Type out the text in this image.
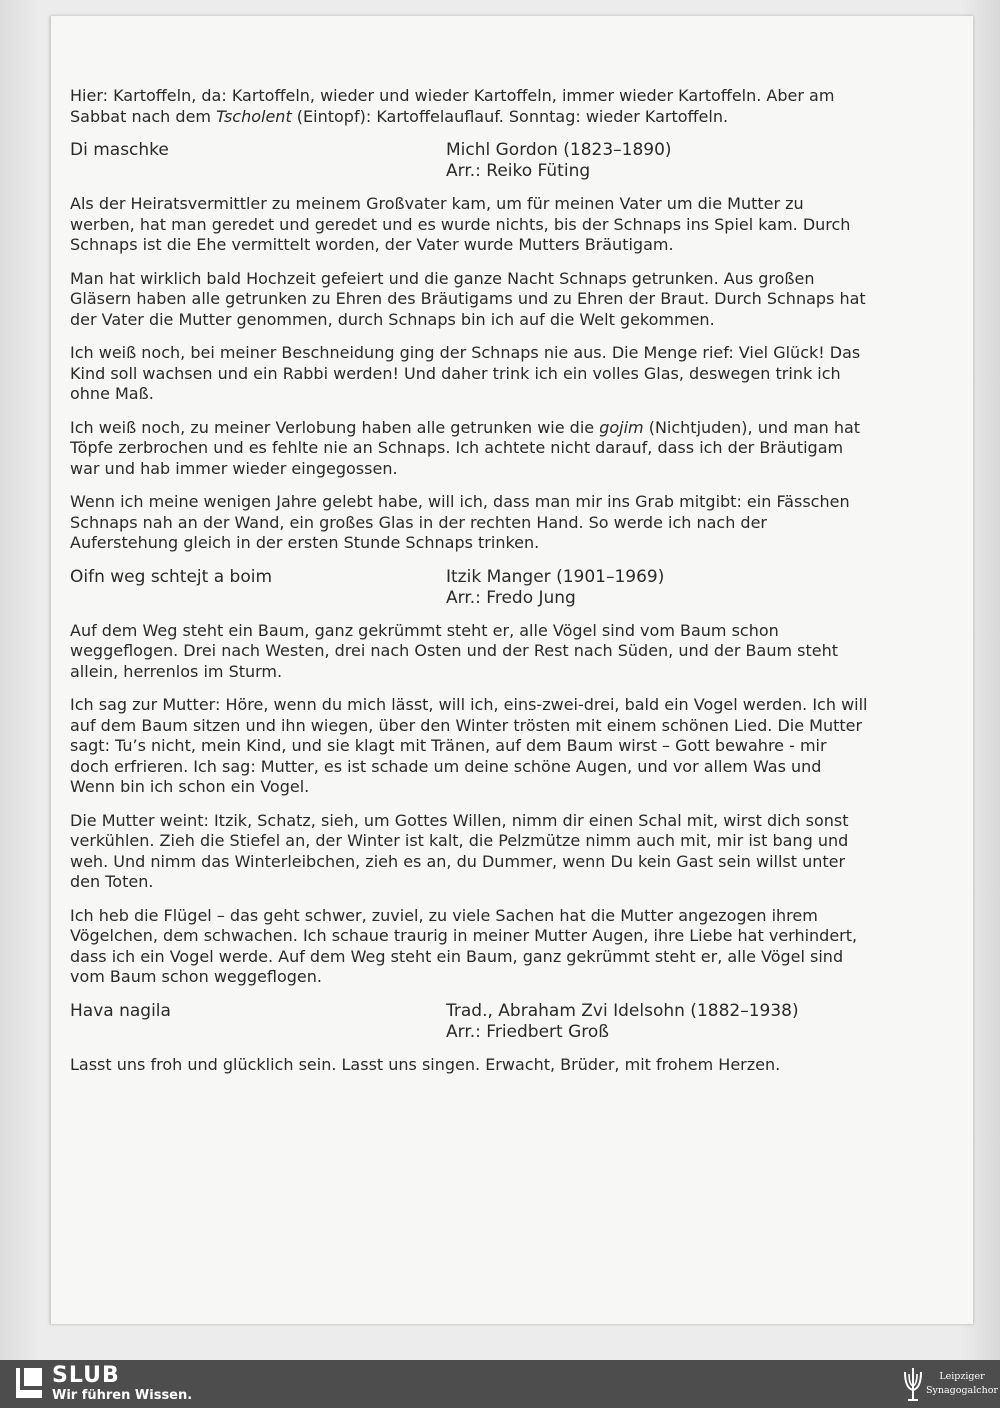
Hier: Kartoffeln, da: Kartoffeln, wieder und wieder Kartoffeln, immer wieder Kartoffeln. Aber am Sabbat nach dem Tscholent (Eintopf): Kartoffelauflauf. Sonntag: wieder Kartoffeln.

Di maschke	Michl Gordon (1823–1890)
Arr.: Reiko Füting

Als der Heiratsvermittler zu meinem Großvater kam, um für meinen Vater um die Mutter zu werben, hat man geredet und geredet und es wurde nichts, bis der Schnaps ins Spiel kam. Durch Schnaps ist die Ehe vermittelt worden, der Vater wurde Mutters Bräutigam.

Man hat wirklich bald Hochzeit gefeiert und die ganze Nacht Schnaps getrunken. Aus großen Gläsern haben alle getrunken zu Ehren des Bräutigams und zu Ehren der Braut. Durch Schnaps hat der Vater die Mutter genommen, durch Schnaps bin ich auf die Welt gekommen.

Ich weiß noch, bei meiner Beschneidung ging der Schnaps nie aus. Die Menge rief: Viel Glück! Das Kind soll wachsen und ein Rabbi werden! Und daher trink ich ein volles Glas, deswegen trink ich ohne Maß.

Ich weiß noch, zu meiner Verlobung haben alle getrunken wie die gojim (Nichtjuden), und man hat Töpfe zerbrochen und es fehlte nie an Schnaps. Ich achtete nicht darauf, dass ich der Bräutigam war und hab immer wieder eingegossen.

Wenn ich meine wenigen Jahre gelebt habe, will ich, dass man mir ins Grab mitgibt: ein Fässchen Schnaps nah an der Wand, ein großes Glas in der rechten Hand. So werde ich nach der Auferstehung gleich in der ersten Stunde Schnaps trinken.

Oifn weg schtejt a boim	Itzik Manger (1901–1969)
Arr.: Fredo Jung

Auf dem Weg steht ein Baum, ganz gekrümmt steht er, alle Vögel sind vom Baum schon weggeflogen. Drei nach Westen, drei nach Osten und der Rest nach Süden, und der Baum steht allein, herrenlos im Sturm.

Ich sag zur Mutter: Höre, wenn du mich lässt, will ich, eins-zwei-drei, bald ein Vogel werden. Ich will auf dem Baum sitzen und ihn wiegen, über den Winter trösten mit einem schönen Lied. Die Mutter sagt: Tu’s nicht, mein Kind, und sie klagt mit Tränen, auf dem Baum wirst – Gott bewahre - mir doch erfrieren. Ich sag: Mutter, es ist schade um deine schöne Augen, und vor allem Was und Wenn bin ich schon ein Vogel.

Die Mutter weint: Itzik, Schatz, sieh, um Gottes Willen, nimm dir einen Schal mit, wirst dich sonst verkühlen. Zieh die Stiefel an, der Winter ist kalt, die Pelzmütze nimm auch mit, mir ist bang und weh. Und nimm das Winterleibchen, zieh es an, du Dummer, wenn Du kein Gast sein willst unter den Toten.

Ich heb die Flügel – das geht schwer, zuviel, zu viele Sachen hat die Mutter angezogen ihrem Vögelchen, dem schwachen. Ich schaue traurig in meiner Mutter Augen, ihre Liebe hat verhindert, dass ich ein Vogel werde. Auf dem Weg steht ein Baum, ganz gekrümmt steht er, alle Vögel sind vom Baum schon weggeflogen.

Hava nagila	Trad., Abraham Zvi Idelsohn (1882–1938)
Arr.: Friedbert Groß

Lasst uns froh und glücklich sein. Lasst uns singen. Erwacht, Brüder, mit frohem Herzen.

SLUB
Wir führen Wissen.
Leipziger
Synagogalchor
